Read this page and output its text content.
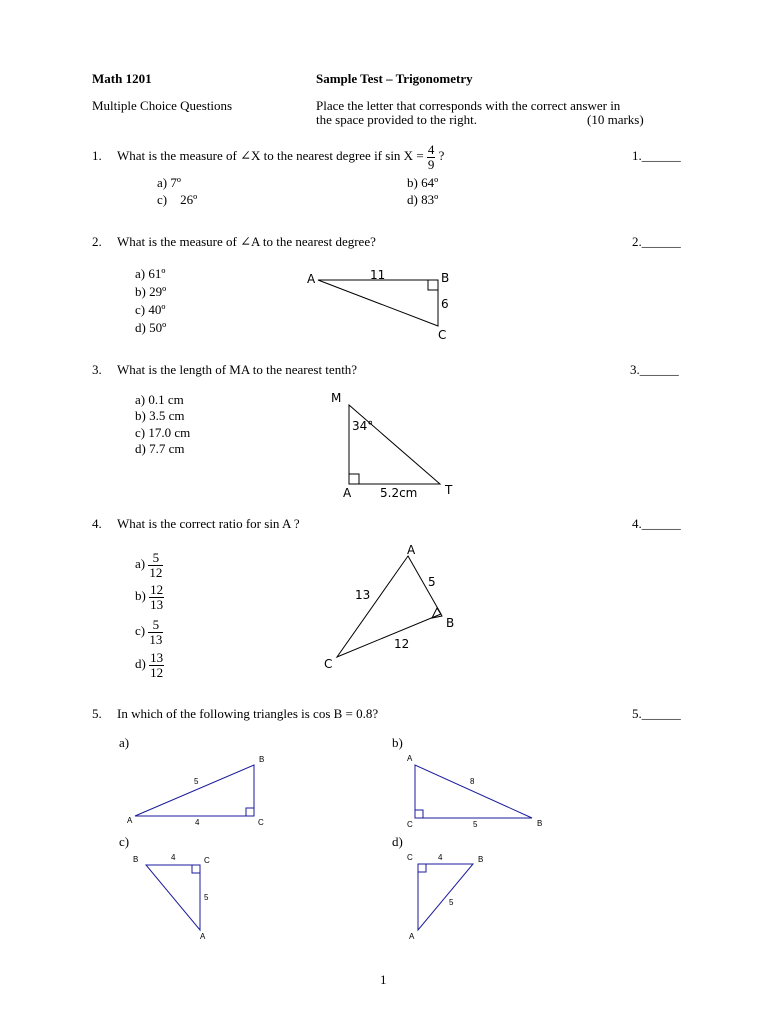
Math 1201	Sample Test – Trigonometry
Multiple Choice Questions	Place the letter that corresponds with the correct answer in
the space provided to the right.	(10 marks)
1. What is the measure of ∠X to the nearest degree if $\sin X = \frac{4}{9}$ ?	1.______
a) 7º	b) 64º
c)    26º	d) 83º
2. What is the measure of ∠A to the nearest degree?	2.______
a) 61º
b) 29º
c) 40º
d) 50º
A	B
C
11
6
3. What is the length of MA to the nearest tenth?	3.______
a) 0.1 cm
b) 3.5 cm
c) 17.0 cm
d) 7.7 cm
M
A	T
34°
5.2cm
4. What is the correct ratio for sin A ?	4.______
$a) \frac{5}{12}$
$b) \frac{12}{13}$
$c) \frac{5}{13}$
$d) \frac{13}{12}$
A
B
C
13
5
12
5. In which of the following triangles is cos B = 0.8?	5.______
a)	b)
c)	d)
B
A	C
5
4
A
C	B
8
5
B	C
A
4
5
C	B
A
4
5
1
